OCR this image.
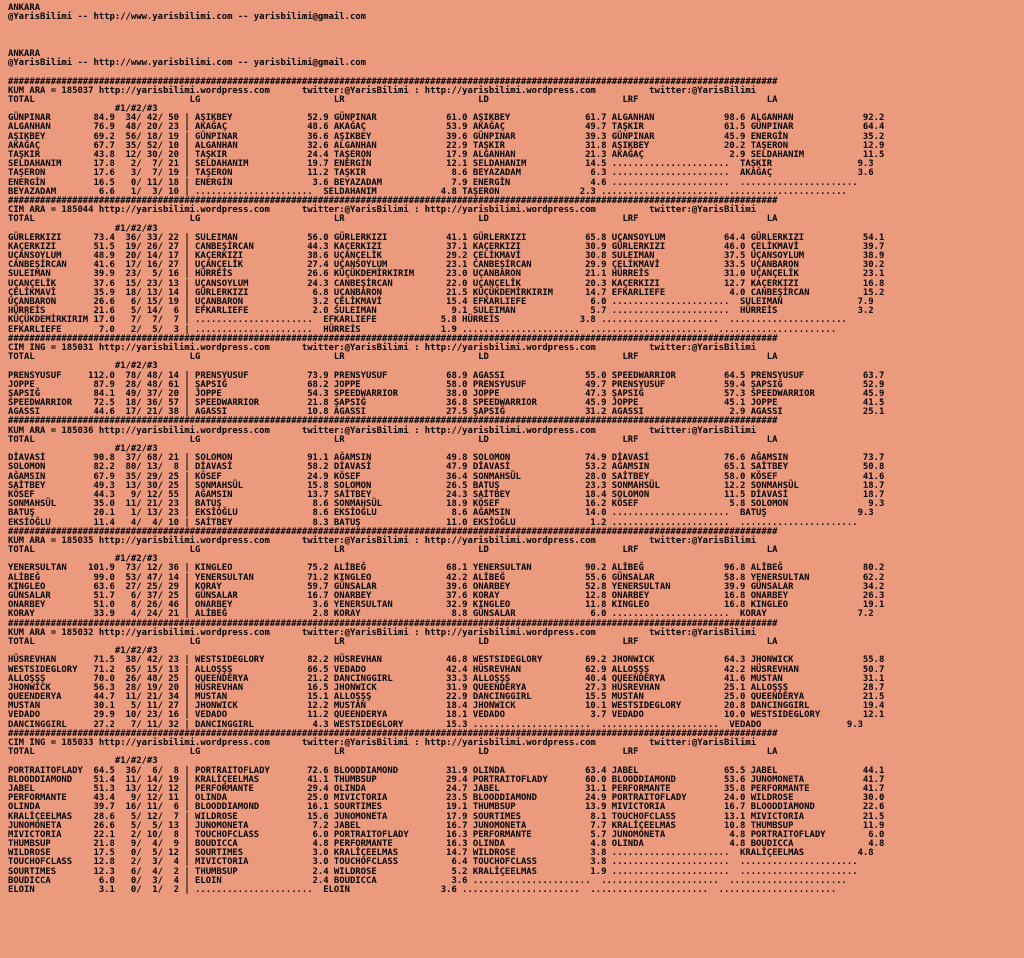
ANKARA
@YarisBilimi -- http://www.yarisbilimi.com -- yarisbilimi@gmail.com
ANKARA
@YarisBilimi -- http://www.yarisbilimi.com -- yarisbilimi@gmail.com
################################################################################################################################################
KUM ARA = 185037 http://yarisbilimi.wordpress.com      twitter:@YarisBilimi : http://yarisbilimi.wordpress.com          twitter:@YarisBilimi
TOTAL                             LG                         LR                         LD                         LRF                        LA
#1/#2/#3
GÜNPINAR        84.9  34/ 42/ 50 | AŞIKBEY              52.9 GÜNPINAR             61.0 AŞIKBEY              61.7 ALGANHAN             98.6 ALGANHAN             92.2
ALGANHAN        76.9  48/ 20/ 23 | AKAĞAÇ               48.6 AKAĞAÇ               53.9 AKAĞAÇ               49.7 TAŞKIR               61.5 GÜNPINAR             64.4
AŞIKBEY         69.2  56/ 18/ 19 | GÜNPINAR             36.6 AŞIKBEY              39.6 GÜNPINAR             39.3 GÜNPINAR             45.9 ENERGİN              35.2
AKAĞAÇ          67.7  35/ 52/ 10 | ALGANHAN             32.6 ALGANHAN             22.9 TAŞKIR               31.8 AŞIKBEY              20.2 TAŞERON              12.9
TAŞKIR          43.8  12/ 30/ 20 | TAŞKIR               24.4 TAŞERON              17.9 ALGANHAN             21.3 AKAĞAÇ                2.9 SELDAHANIM           11.5
SELDAHANIM      17.8   2/  7/ 21 | SELDAHANIM           19.7 ENERGİN              12.1 SELDAHANIM           14.5 ......................  TAŞKIR                9.3
TAŞERON         17.6   3/  7/ 19 | TAŞERON              11.2 TAŞKIR                8.6 BEYAZADAM             6.3 ......................  AKAĞAÇ                3.6
ENERGİN         16.5   0/ 11/ 18 | ENERGİN               3.6 BEYAZADAM             7.9 ENERGİN               4.6 ......................  ......................
BEYAZADAM        6.6   1/  3/ 10 | ......................  SELDAHANIM            4.8 TAŞERON               2.3 ......................  ......................
################################################################################################################################################
CIM ARA = 185044 http://yarisbilimi.wordpress.com      twitter:@YarisBilimi : http://yarisbilimi.wordpress.com          twitter:@YarisBilimi
TOTAL                             LG                         LR                         LD                         LRF                        LA
#1/#2/#3
GÜRLERKIZI      73.4  36/ 33/ 22 | SULEIMAN             56.0 GÜRLERKIZI           41.1 GÜRLERKIZI           65.8 UÇANSOYLUM           64.4 GÜRLERKIZI           54.1
KAÇERKIZI       51.5  19/ 26/ 27 | CANBEŞİRCAN          44.3 KAÇERKIZI            37.1 KAÇERKIZI            30.9 GÜRLERKIZI           46.0 ÇELİKMAVİ            39.7
UÇANSOYLUM      48.9  20/ 14/ 17 | KAÇERKIZI            38.6 UÇANÇELİK            29.2 ÇELİKMAVİ            30.8 SULEIMAN             37.5 UÇANSOYLUM           38.9
CANBEŞİRCAN     41.6  17/ 16/ 27 | UÇANÇELİK            27.4 UÇANSOYLUM           23.1 CANBEŞİRCAN          29.9 ÇELİKMAVİ            33.5 UÇANBARON            30.2
SULEIMAN        39.9  23/  5/ 16 | HÜRREİS              26.6 KÜÇÜKDEMİRKIRIM      23.0 UÇANBARON            21.1 HÜRREİS              31.0 UÇANÇELİK            23.1
UÇANÇELİK       37.6  15/ 23/ 13 | UÇANSOYLUM           24.3 CANBEŞİRCAN          22.0 UÇANÇELİK            20.3 KAÇERKIZI            12.7 KAÇERKIZI            16.8
ÇELİKMAVİ       35.9  18/ 13/ 14 | GÜRLERKIZI            6.8 UÇANBARON            21.5 KÜÇÜKDEMİRKIRIM      14.7 EFKARLIEFE            4.0 CANBEŞİRCAN          15.2
UÇANBARON       26.6   6/ 15/ 19 | UÇANBARON             3.2 ÇELİKMAVİ            15.4 EFKARLIEFE            6.0 ......................  SULEIMAN              7.9
HÜRREİS         21.6   5/ 14/  6 | EFKARLIEFE            2.0 SULEIMAN              9.1 SULEIMAN              5.7 ......................  HÜRREİS               3.2
KÜÇÜKDEMİRKIRIM 17.0   7/  7/  7 | ......................  EFKARLIEFE            5.8 HÜRREİS               3.8 ......................  ......................
EFKARLIEFE       7.0   2/  5/  3 | ......................  HÜRREİS               1.9 ......................  ......................  ......................
################################################################################################################################################
CIM ING = 185031 http://yarisbilimi.wordpress.com      twitter:@YarisBilimi : http://yarisbilimi.wordpress.com          twitter:@YarisBilimi
TOTAL                             LG                         LR                         LD                         LRF                        LA
#1/#2/#3
PRENSYUSUF     112.0  78/ 48/ 14 | PRENSYUSUF           73.9 PRENSYUSUF           68.9 AGASSI               55.0 SPEEDWARRIOR         64.5 PRENSYUSUF           63.7
JOPPE           87.9  28/ 48/ 61 | ŞAPSIĞ               68.2 JOPPE                58.0 PRENSYUSUF           49.7 PRENSYUSUF           59.4 ŞAPSIĞ               52.9
ŞAPSIĞ          84.1  49/ 37/ 20 | JOPPE                54.3 SPEEDWARRIOR         38.0 JOPPE                47.3 ŞAPSIĞ               57.3 SPEEDWARRIOR         45.9
SPEEDWARRIOR    72.5  18/ 36/ 57 | SPEEDWARRIOR         21.8 ŞAPSIĞ               36.8 SPEEDWARRIOR         45.9 JOPPE                45.1 JOPPE                41.5
AGASSI          44.6  17/ 21/ 38 | AGASSI               10.8 AGASSI               27.5 ŞAPSIĞ               31.2 AGASSI                2.9 AGASSI               25.1
################################################################################################################################################
KUM ARA = 185036 http://yarisbilimi.wordpress.com      twitter:@YarisBilimi : http://yarisbilimi.wordpress.com          twitter:@YarisBilimi
TOTAL                             LG                         LR                         LD                         LRF                        LA
#1/#2/#3
DİAVASİ         90.8  37/ 68/ 21 | SOLOMON              91.1 AĞAMSIN              49.8 SOLOMON              74.9 DİAVASİ              76.6 AĞAMSIN              73.7
SOLOMON         82.2  80/ 13/  8 | DİAVASİ              58.2 DİAVASİ              47.9 DİAVASİ              53.2 AĞAMSIN              65.1 SAİTBEY              50.8
AĞAMSIN         67.9  35/ 29/ 25 | KÖSEF                24.9 KÖSEF                36.4 SONMAHSÜL            28.0 SAİTBEY              58.0 KÖSEF                41.6
SAİTBEY         49.3  13/ 30/ 25 | SONMAHSÜL            15.8 SOLOMON              26.5 BATUŞ                23.3 SONMAHSÜL            12.2 SONMAHSÜL            18.7
KÖSEF           44.3   9/ 12/ 55 | AĞAMSIN              13.7 SAİTBEY              24.3 SAİTBEY              18.4 SOLOMON              11.5 DİAVASİ              18.7
SONMAHSÜL       35.0  11/ 21/ 23 | BATUŞ                 8.6 SONMAHSÜL            18.9 KÖSEF                16.2 KÖSEF                 5.8 SOLOMON               9.3
BATUŞ           20.1   1/ 13/ 23 | EKSİOĞLU              8.6 EKSİOĞLU              8.6 AĞAMSIN              14.0 ......................  BATUŞ                 9.3
EKSİOĞLU        11.4   4/  4/ 10 | SAİTBEY               8.3 BATUŞ                11.0 EKSİOĞLU              1.2 ......................  ......................
################################################################################################################################################
KUM ARA = 185035 http://yarisbilimi.wordpress.com      twitter:@YarisBilimi : http://yarisbilimi.wordpress.com          twitter:@YarisBilimi
TOTAL                             LG                         LR                         LD                         LRF                        LA
#1/#2/#3
YENERSULTAN    101.9  73/ 12/ 36 | KINGLEO              75.2 ALİBEĞ               68.1 YENERSULTAN          90.2 ALİBEĞ               96.8 ALİBEĞ               80.2
ALİBEĞ          99.0  53/ 47/ 14 | YENERSULTAN          71.2 KINGLEO              42.2 ALİBEĞ               55.6 GÜNSALAR             58.8 YENERSULTAN          62.2
KINGLEO         63.6  27/ 25/ 29 | KORAY                59.7 GÜNSALAR             39.6 ONARBEY              52.8 YENERSULTAN          39.9 GÜNSALAR             34.2
GÜNSALAR        51.7   6/ 37/ 25 | GÜNSALAR             16.7 ONARBEY              37.6 KORAY                12.8 ONARBEY              16.8 ONARBEY              26.3
ONARBEY         51.0   8/ 26/ 46 | ONARBEY               3.6 YENERSULTAN          32.9 KINGLEO              11.8 KINGLEO              16.8 KINGLEO              19.1
KORAY           33.9   4/ 24/ 21 | ALİBEĞ                2.8 KORAY                 8.8 GÜNSALAR              6.0 ......................  KORAY                 7.2
################################################################################################################################################
KUM ARA = 185032 http://yarisbilimi.wordpress.com      twitter:@YarisBilimi : http://yarisbilimi.wordpress.com          twitter:@YarisBilimi
TOTAL                             LG                         LR                         LD                         LRF                        LA
#1/#2/#3
HÜSREVHAN       71.5  38/ 42/ 23 | WESTSIDEGLORY        82.2 HÜSREVHAN            46.8 WESTSIDEGLORY        69.2 JHONWICK             64.3 JHONWICK             55.8
WESTSIDEGLORY   71.2  65/ 15/ 13 | ALLOŞŞŞ              66.5 VEDADO               42.4 HÜSREVHAN            62.9 ALLOŞŞŞ              42.2 HÜSREVHAN            50.7
ALLOŞŞŞ         70.0  26/ 48/ 25 | QUEENDERYA           21.2 DANCINGGIRL          33.3 ALLOŞŞŞ              40.4 QUEENDERYA           41.6 MUSTAN               31.1
JHONWICK        56.3  28/ 19/ 20 | HÜSREVHAN            16.5 JHONWICK             31.9 QUEENDERYA           27.3 HÜSREVHAN            25.1 ALLOŞŞŞ              28.7
QUEENDERYA      44.7  11/ 21/ 34 | MUSTAN               15.1 ALLOŞŞŞ              22.9 DANCINGGIRL          15.5 MUSTAN               25.0 QUEENDERYA           21.5
MUSTAN          30.1   5/ 11/ 27 | JHONWICK             12.2 MUSTAN               18.4 JHONWICK             10.1 WESTSIDEGLORY        20.8 DANCINGGIRL          19.4
VEDADO          29.9  10/ 23/ 16 | VEDADO               11.2 QUEENDERYA           18.1 VEDADO                3.7 VEDADO               10.0 WESTSIDEGLORY        12.1
DANCINGGIRL     27.2   7/ 11/ 32 | DANCINGGIRL           4.3 WESTSIDEGLORY        15.3 ......................  ......................  VEDADO                9.3
################################################################################################################################################
CIM ING = 185033 http://yarisbilimi.wordpress.com      twitter:@YarisBilimi : http://yarisbilimi.wordpress.com          twitter:@YarisBilimi
TOTAL                             LG                         LR                         LD                         LRF                        LA
#1/#2/#3
PORTRAITOFLADY  64.5  36/  6/  8 | PORTRAITOFLADY       72.6 BLOODDIAMOND         31.9 OLINDA               63.4 JABEL                65.5 JABEL                44.1
BLOODDIAMOND    51.4  11/ 14/ 19 | KRALİÇEELMAS         41.1 THUMBSUP             29.4 PORTRAITOFLADY       60.0 BLOODDIAMOND         53.6 JUNOMONETA           41.7
JABEL           51.3  13/ 12/ 12 | PERFORMANTE          29.4 OLINDA               24.7 JABEL                31.1 PERFORMANTE          35.8 PERFORMANTE          41.7
PERFORMANTE     43.4   9/ 12/ 11 | OLINDA               25.0 MIVICTORIA           23.5 BLOODDIAMOND         24.9 PORTRAITOFLADY       24.0 WILDROSE             30.0
OLINDA          39.7  16/ 11/  6 | BLOODDIAMOND         16.1 SOURTIMES            19.1 THUMBSUP             13.9 MIVICTORIA           16.7 BLOODDIAMOND         22.6
KRALİÇEELMAS    28.6   5/ 12/  7 | WILDROSE             15.6 JUNOMONETA           17.9 SOURTIMES             8.1 TOUCHOFCLASS         13.1 MIVICTORIA           21.5
JUNOMONETA      26.6   5/  5/ 13 | JUNOMONETA            7.2 JABEL                16.7 JUNOMONETA            7.7 KRALİÇEELMAS         10.8 THUMBSUP             11.9
MIVICTORIA      22.1   2/ 10/  8 | TOUCHOFCLASS          6.0 PORTRAITOFLADY       16.3 PERFORMANTE           5.7 JUNOMONETA            4.8 PORTRAITOFLADY        6.0
THUMBSUP        21.8   9/  4/  9 | BOUDICCA              4.8 PERFORMANTE          16.3 OLINDA                4.8 OLINDA                4.8 BOUDICCA              4.8
WILDROSE        17.5   0/  5/ 12 | SOURTIMES             3.0 KRALİÇEELMAS         14.7 WILDROSE              3.8 ......................  KRALİÇEELMAS          4.8
TOUCHOFCLASS    12.8   2/  3/  4 | MIVICTORIA            3.0 TOUCHOFCLASS          6.4 TOUCHOFCLASS          3.8 ......................  ......................
SOURTIMES       12.3   6/  4/  2 | THUMBSUP              2.4 WILDROSE              5.2 KRALİÇEELMAS          1.9 ......................  ......................
BOUDICCA         6.0   0/  3/  4 | ELOIN                 2.4 BOUDICCA              3.6 ......................  ......................  ......................
ELOIN            3.1   0/  1/  2 | ......................  ELOIN                 3.6 ......................  ......................  ......................
